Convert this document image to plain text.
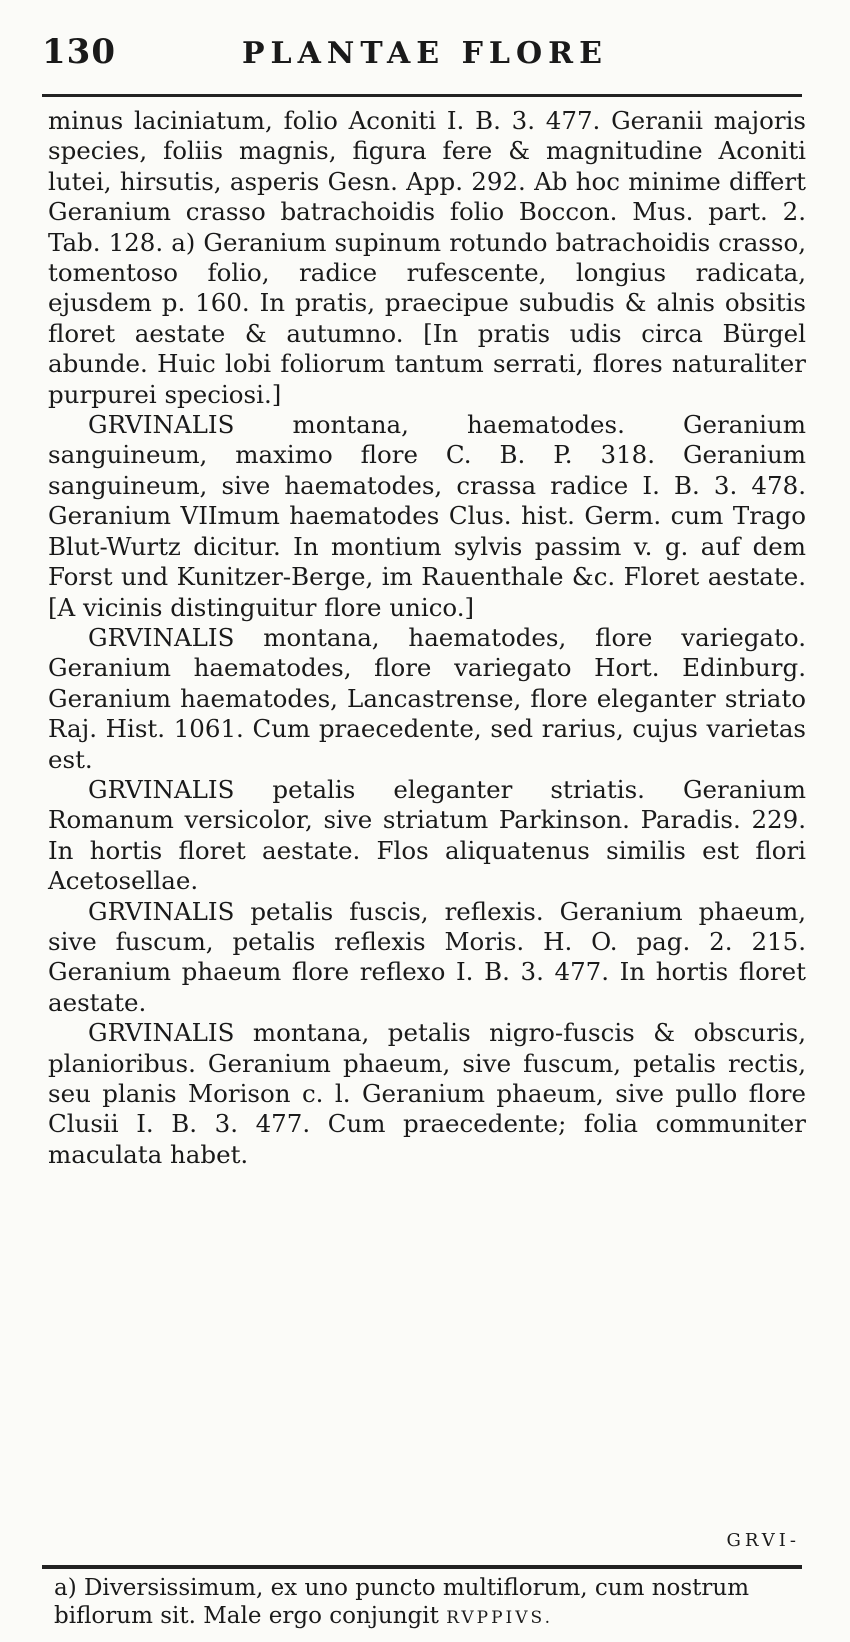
130	PLANTAE FLORE

minus laciniatum, folio Aconiti I. B. 3. 477. Geranii majoris species, foliis magnis, figura fere & magnitudine Aconiti lutei, hirsutis, asperis Gesn. App. 292. Ab hoc minime differt Geranium crasso batrachoidis folio Boccon. Mus. part. 2. Tab. 128. a) Geranium supinum rotundo batrachoidis crasso, tomentoso folio, radice rufescente, longius radicata, ejusdem p. 160. In pratis, praecipue subudis & alnis obsitis floret aestate & autumno. [In pratis udis circa Bürgel abunde. Huic lobi foliorum tantum serrati, flores naturaliter purpurei speciosi.]

GRVINALIS montana, haematodes. Geranium sanguineum, maximo flore C. B. P. 318. Geranium sanguineum, sive haematodes, crassa radice I. B. 3. 478. Geranium VIImum haematodes Clus. hist. Germ. cum Trago Blut-Wurtz dicitur. In montium sylvis passim v. g. auf dem Forst und Kunitzer-Berge, im Rauenthale &c. Floret aestate. [A vicinis distinguitur flore unico.]

GRVINALIS montana, haematodes, flore variegato. Geranium haematodes, flore variegato Hort. Edinburg. Geranium haematodes, Lancastrense, flore eleganter striato Raj. Hist. 1061. Cum praecedente, sed rarius, cujus varietas est.

GRVINALIS petalis eleganter striatis. Geranium Romanum versicolor, sive striatum Parkinson. Paradis. 229. In hortis floret aestate. Flos aliquatenus similis est flori Acetosellae.

GRVINALIS petalis fuscis, reflexis. Geranium phaeum, sive fuscum, petalis reflexis Moris. H. O. pag. 2. 215. Geranium phaeum flore reflexo I. B. 3. 477. In hortis floret aestate.

GRVINALIS montana, petalis nigro-fuscis & obscuris, planioribus. Geranium phaeum, sive fuscum, petalis rectis, seu planis Morison c. l. Geranium phaeum, sive pullo flore Clusii I. B. 3. 477. Cum praecedente; folia communiter maculata habet.

GRVI-
a) Diversissimum, ex uno puncto multiflorum, cum nostrum
biflorum sit. Male ergo conjungit RVPPIVS.
